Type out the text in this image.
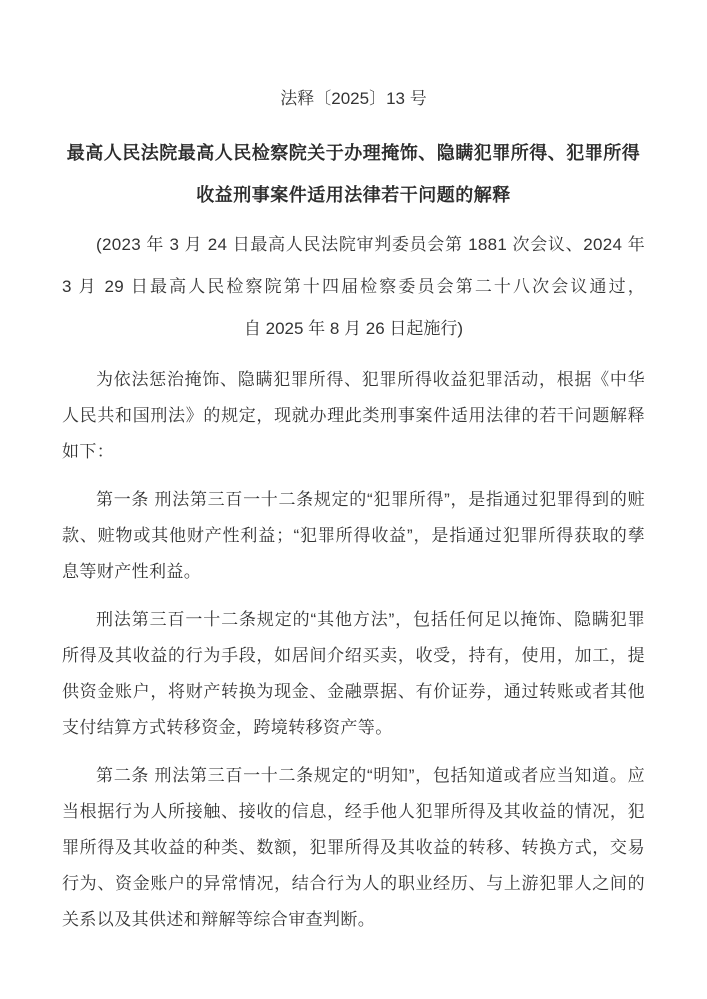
法释〔2025〕13 号
最高人民法院最高人民检察院关于办理掩饰、隐瞒犯罪所得、犯罪所得
收益刑事案件适用法律若干问题的解释
(2023 年 3 月 24 日最高人民法院审判委员会第 1881 次会议、2024 年 3 月 29 日最高人民检察院第十四届检察委员会第二十八次会议通过，
自 2025 年 8 月 26 日起施行)

为依法惩治掩饰、隐瞒犯罪所得、犯罪所得收益犯罪活动，根据《中华人民共和国刑法》的规定，现就办理此类刑事案件适用法律的若干问题解释如下：

第一条 刑法第三百一十二条规定的“犯罪所得”，是指通过犯罪得到的赃款、赃物或其他财产性利益；“犯罪所得收益”，是指通过犯罪所得获取的孳息等财产性利益。

刑法第三百一十二条规定的“其他方法”，包括任何足以掩饰、隐瞒犯罪所得及其收益的行为手段，如居间介绍买卖，收受，持有，使用，加工，提供资金账户，将财产转换为现金、金融票据、有价证券，通过转账或者其他支付结算方式转移资金，跨境转移资产等。

第二条 刑法第三百一十二条规定的“明知”，包括知道或者应当知道。应当根据行为人所接触、接收的信息，经手他人犯罪所得及其收益的情况，犯罪所得及其收益的种类、数额，犯罪所得及其收益的转移、转换方式，交易行为、资金账户的异常情况，结合行为人的职业经历、与上游犯罪人之间的关系以及其供述和辩解等综合审查判断。
